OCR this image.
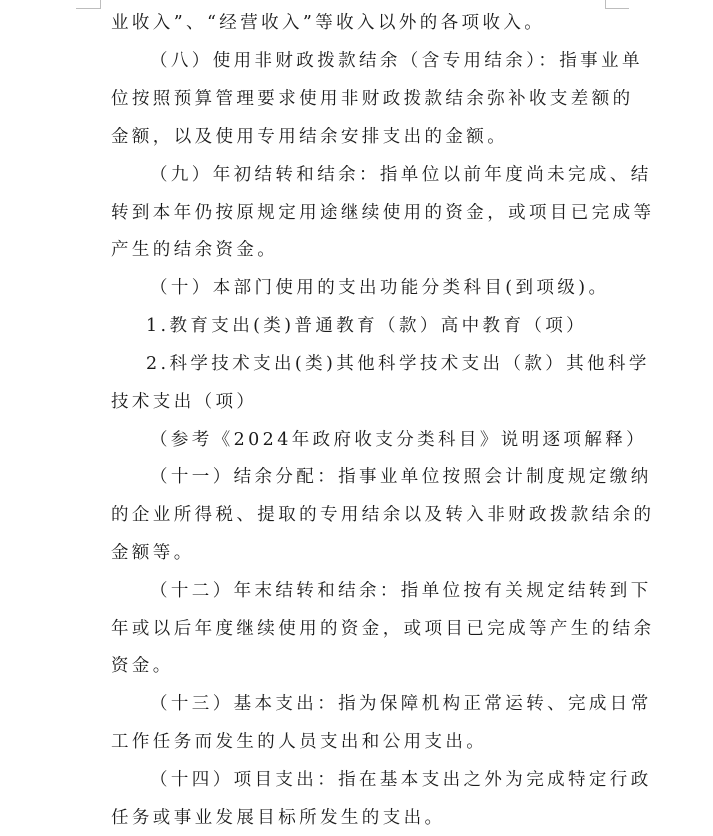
业收入”、“经营收入”等收入以外的各项收入。
（八）使用非财政拨款结余（含专用结余）：指事业单
位按照预算管理要求使用非财政拨款结余弥补收支差额的
金额，以及使用专用结余安排支出的金额。
（九）年初结转和结余：指单位以前年度尚未完成、结
转到本年仍按原规定用途继续使用的资金，或项目已完成等
产生的结余资金。
（十）本部门使用的支出功能分类科目(到项级)。
1.教育支出(类)普通教育（款）高中教育（项）
2.科学技术支出(类)其他科学技术支出（款）其他科学
技术支出（项）
（参考《2024年政府收支分类科目》说明逐项解释）
（十一）结余分配：指事业单位按照会计制度规定缴纳
的企业所得税、提取的专用结余以及转入非财政拨款结余的
金额等。
（十二）年末结转和结余：指单位按有关规定结转到下
年或以后年度继续使用的资金，或项目已完成等产生的结余
资金。
（十三）基本支出：指为保障机构正常运转、完成日常
工作任务而发生的人员支出和公用支出。
（十四）项目支出：指在基本支出之外为完成特定行政
任务或事业发展目标所发生的支出。
